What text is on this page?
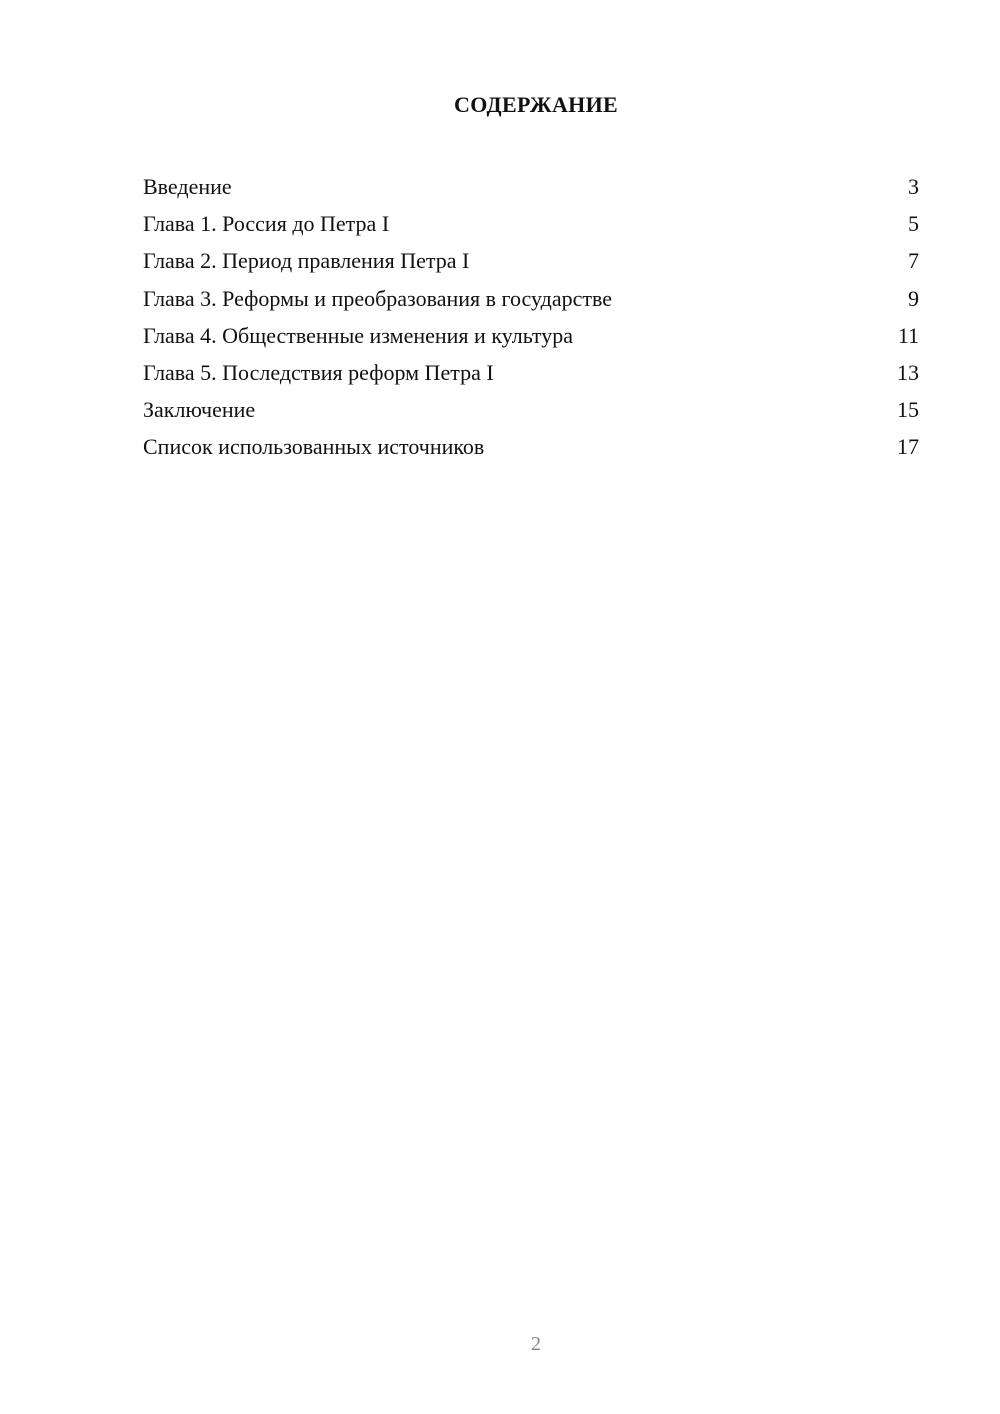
СОДЕРЖАНИЕ
Введение	3
Глава 1. Россия до Петра I	5
Глава 2. Период правления Петра I	7
Глава 3. Реформы и преобразования в государстве	9
Глава 4. Общественные изменения и культура	11
Глава 5. Последствия реформ Петра I	13
Заключение	15
Список использованных источников	17
2
